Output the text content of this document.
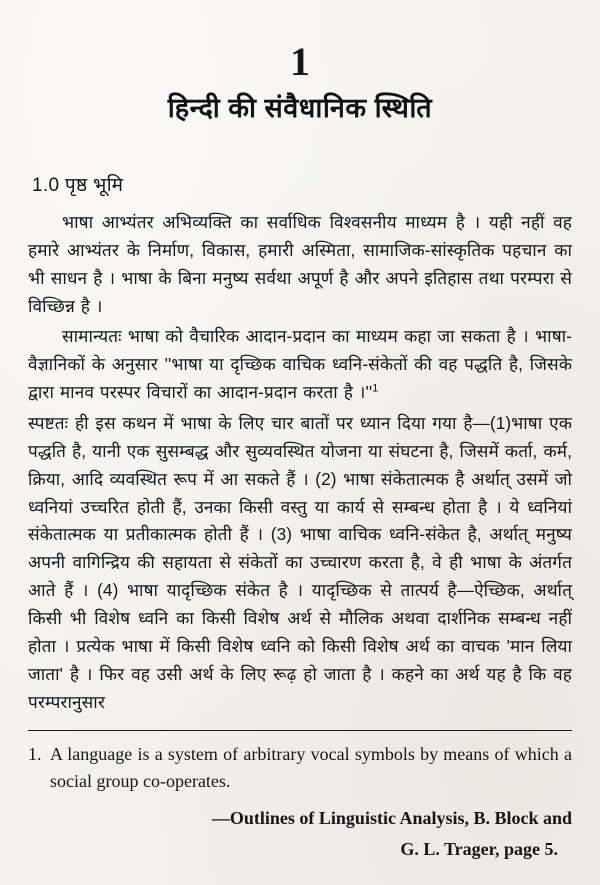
1
हिन्दी की संवैधानिक स्थिति
1.0 पृष्ठ भूमि

भाषा आभ्यंतर अभिव्यक्ति का सर्वाधिक विश्वसनीय माध्यम है । यही नहीं वह हमारे आभ्यंतर के निर्माण, विकास, हमारी अस्मिता, सामाजिक-सांस्कृतिक पहचान का भी साधन है । भाषा के बिना मनुष्य सर्वथा अपूर्ण है और अपने इतिहास तथा परम्परा से विच्छिन्न है ।

सामान्यतः भाषा को वैचारिक आदान-प्रदान का माध्यम कहा जा सकता है । भाषा-वैज्ञानिकों के अनुसार ''भाषा या दृच्छिक वाचिक ध्वनि-संकेतों की वह पद्धति है, जिसके द्वारा मानव परस्पर विचारों का आदान-प्रदान करता है $।''^1$

स्पष्टतः ही इस कथन में भाषा के लिए चार बातों पर ध्यान दिया गया है—(1)भाषा एक पद्धति है, यानी एक सुसम्बद्ध और सुव्यवस्थित योजना या संघटना है, जिसमें कर्ता, कर्म, क्रिया, आदि व्यवस्थित रूप में आ सकते हैं । (2) भाषा संकेतात्मक है अर्थात् उसमें जो ध्वनियां उच्चरित होती हैं, उनका किसी वस्तु या कार्य से सम्बन्ध होता है । ये ध्वनियां संकेतात्मक या प्रतीकात्मक होती हैं । (3) भाषा वाचिक ध्वनि-संकेत है, अर्थात् मनुष्य अपनी वागिन्द्रिय की सहायता से संकेतों का उच्चारण करता है, वे ही भाषा के अंतर्गत आते हैं । (4) भाषा यादृच्छिक संकेत है । यादृच्छिक से तात्पर्य है—ऐच्छिक, अर्थात् किसी भी विशेष ध्वनि का किसी विशेष अर्थ से मौलिक अथवा दार्शनिक सम्बन्ध नहीं होता । प्रत्येक भाषा में किसी विशेष ध्वनि को किसी विशेष अर्थ का वाचक 'मान लिया जाता' है । फिर वह उसी अर्थ के लिए रूढ़ हो जाता है । कहने का अर्थ यह है कि वह परम्परानुसार

1. A language is a system of arbitrary vocal symbols by means of which a social group co-operates.
—Outlines of Linguistic Analysis, B. Block and
G. L. Trager, page 5.
